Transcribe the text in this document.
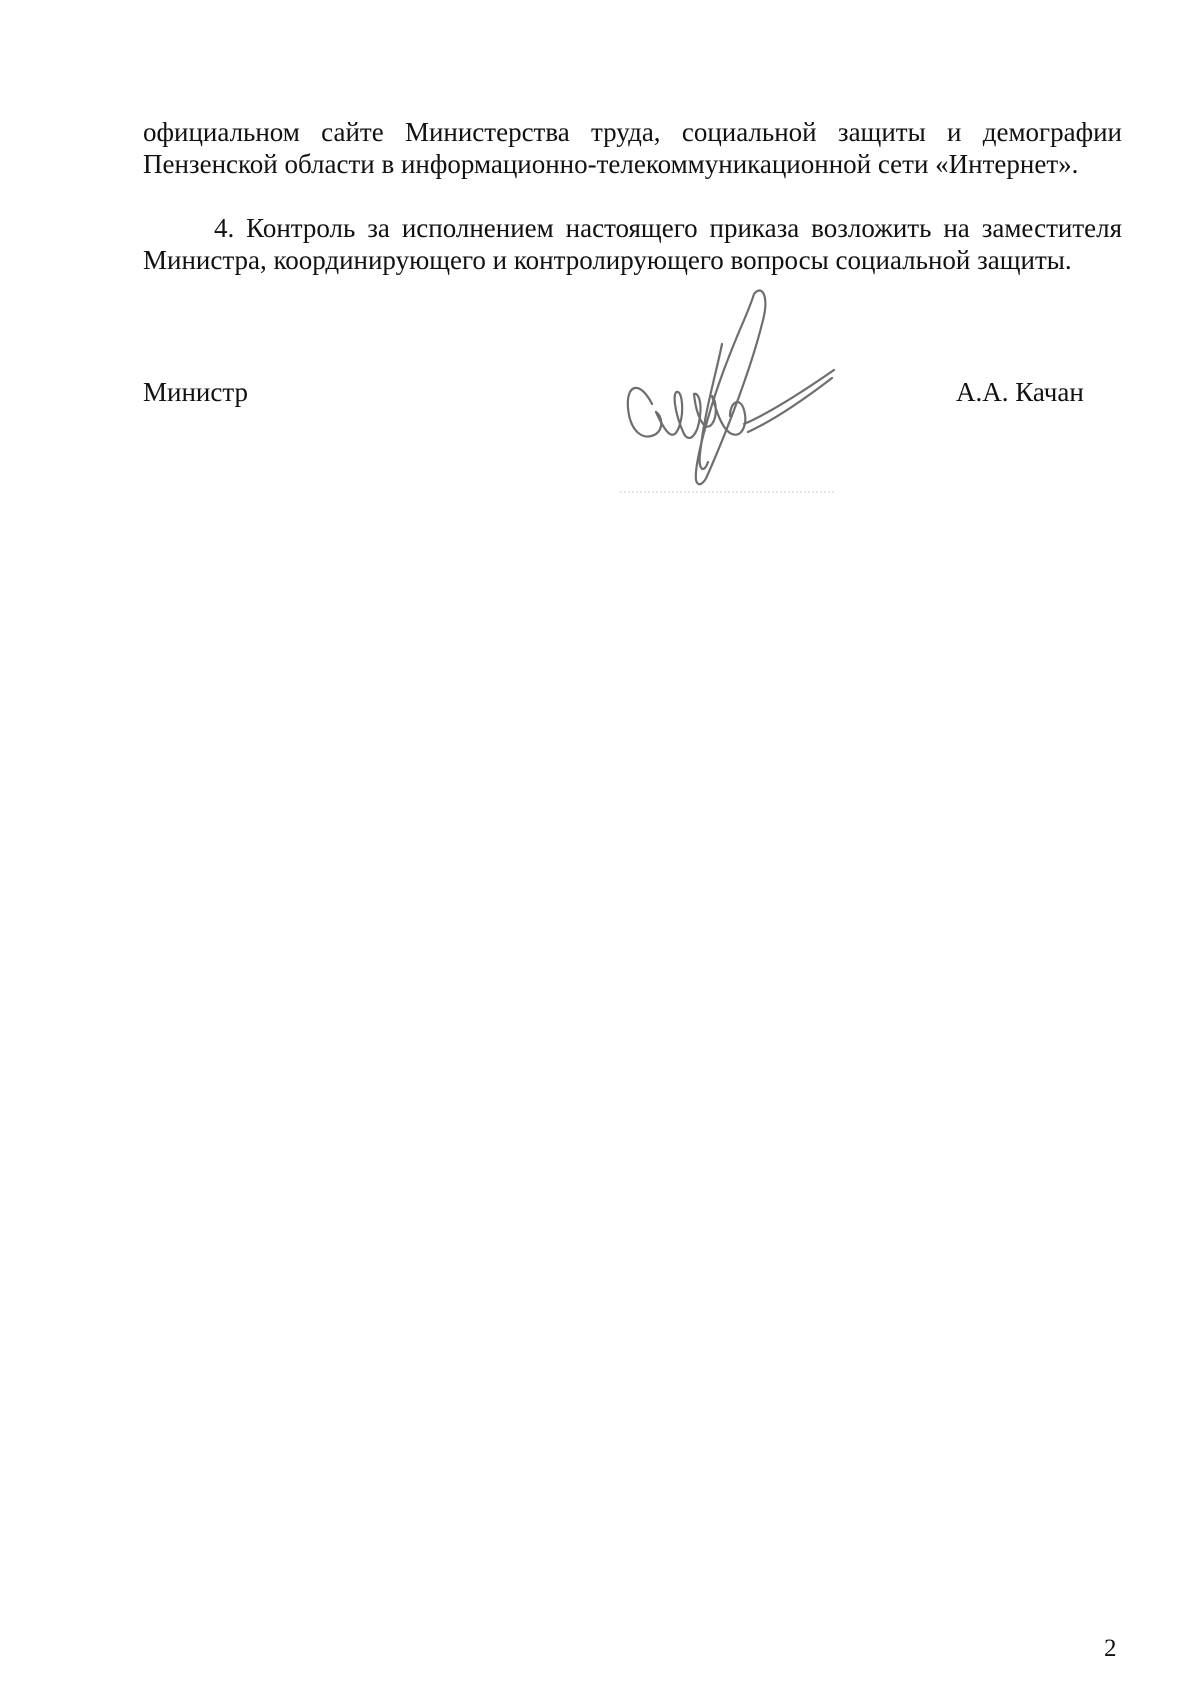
официальном сайте Министерства труда, социальной защиты и демографии Пензенской области в информационно-телекоммуникационной сети «Интернет».

4. Контроль за исполнением настоящего приказа возложить на заместителя Министра, координирующего и контролирующего вопросы социальной защиты.

Министр	А.А. Качан
2
